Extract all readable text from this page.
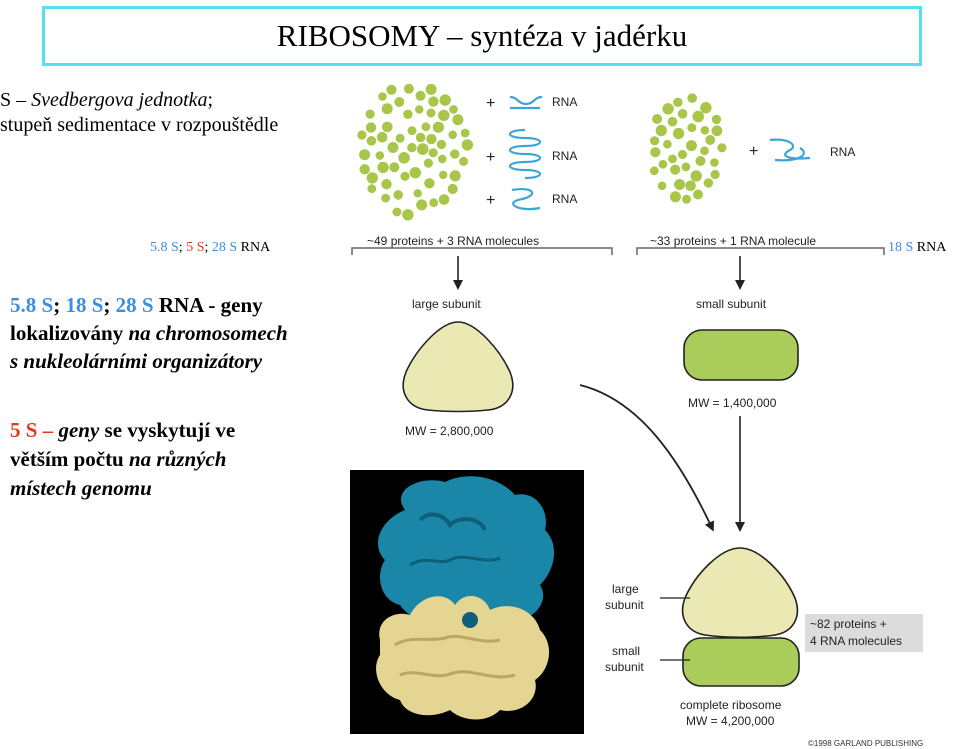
RIBOSOMY – syntéza v jadérku
S – Svedbergova jednotka;
stupeň sedimentace v rozpouštědle
5.8 S; 5 S; 28 S RNA	18 S RNA
5.8 S; 18 S; 28 S RNA - geny
lokalizovány na chromosomech
s nukleolárními organizátory
5 S – geny se vyskytují ve
větším počtu na různých
místech genomu
+
+
+
RNA
RNA
RNA
+	RNA
~49 proteins + 3 RNA molecules	~33 proteins + 1 RNA molecule
large subunit	small subunit
MW = 2,800,000
MW = 1,400,000
large
subunit
small
subunit
~82 proteins +
4 RNA molecules
complete ribosome
MW = 4,200,000
©1998 GARLAND PUBLISHING
